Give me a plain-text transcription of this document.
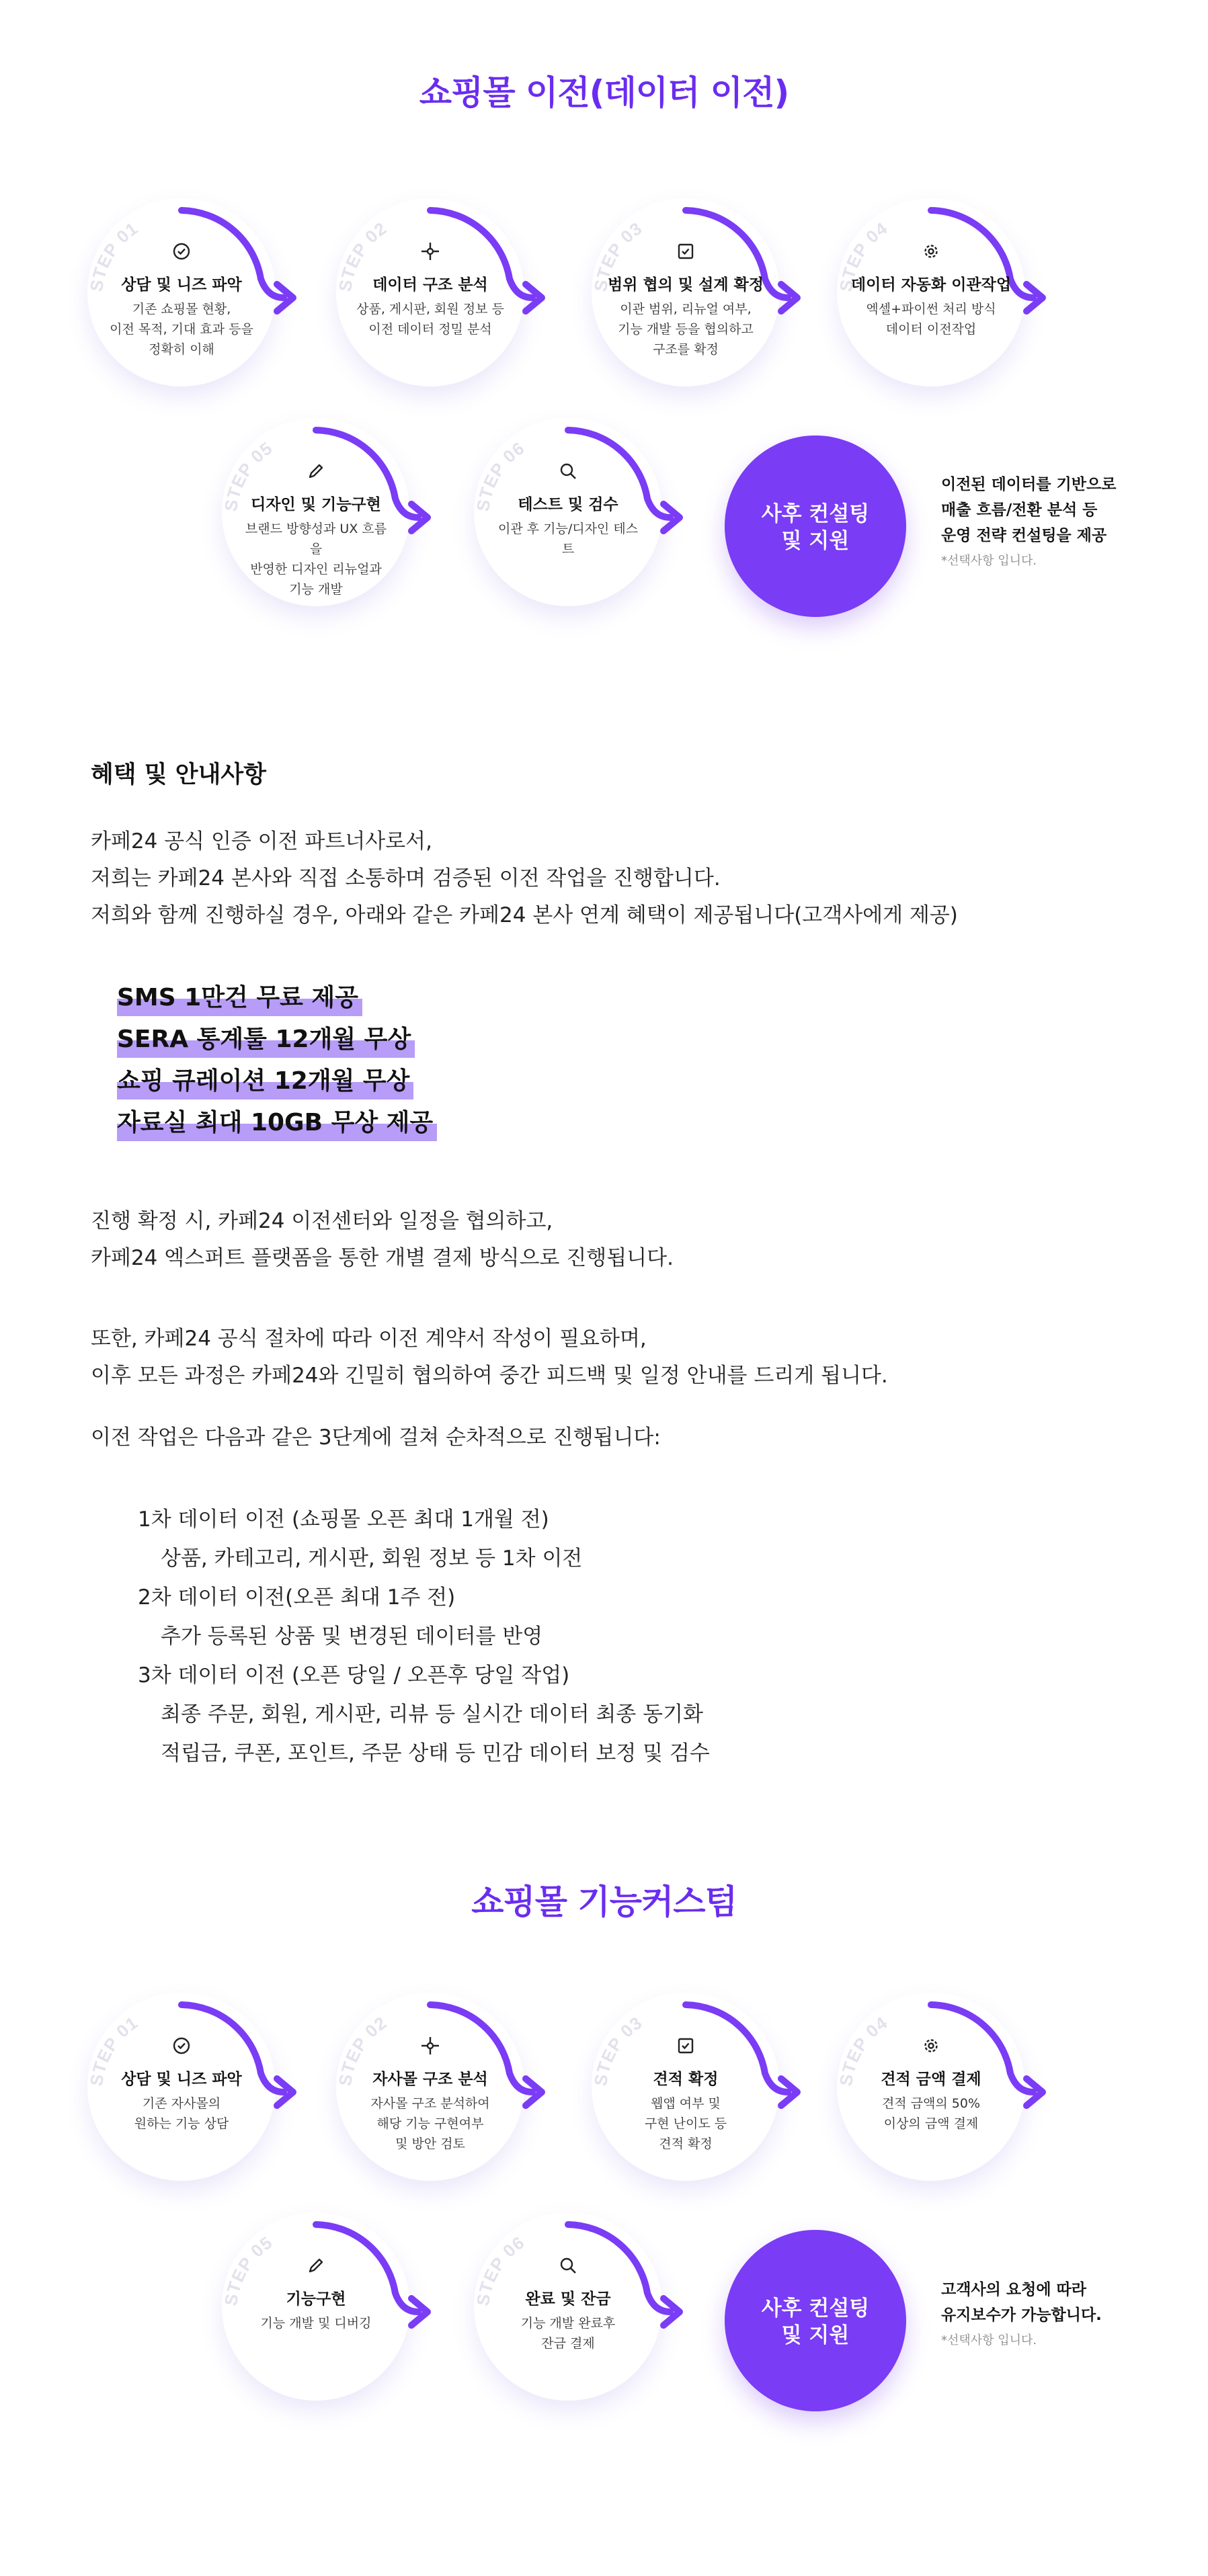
쇼핑몰 이전(데이터 이전)
STEP 01
상담 및 니즈 파악
기존 쇼핑몰 현황,
이전 목적, 기대 효과 등을
정확히 이해
STEP 02
데이터 구조 분석
상품, 게시판, 회원 정보 등
이전 데이터 정밀 분석
STEP 03
범위 협의 및 설계 확정
이관 범위, 리뉴얼 여부,
기능 개발 등을 협의하고
구조를 확정
STEP 04
데이터 자동화 이관작업
엑셀+파이썬 처리 방식
데이터 이전작업
STEP 05
디자인 및 기능구현
브랜드 방향성과 UX 흐름을
반영한 디자인 리뉴얼과
기능 개발
STEP 06
테스트 및 검수
이관 후 기능/디자인 테스트
사후 컨설팅
및 지원
이전된 데이터를 기반으로
매출 흐름/전환 분석 등
운영 전략 컨설팅을 제공
*선택사항 입니다.
혜택 및 안내사항
카페24 공식 인증 이전 파트너사로서,
저희는 카페24 본사와 직접 소통하며 검증된 이전 작업을 진행합니다.
저희와 함께 진행하실 경우, 아래와 같은 카페24 본사 연계 혜택이 제공됩니다(고객사에게 제공)
SMS 1만건 무료 제공
SERA 통계툴 12개월 무상
쇼핑 큐레이션 12개월 무상
자료실 최대 10GB 무상 제공
진행 확정 시, 카페24 이전센터와 일정을 협의하고,
카페24 엑스퍼트 플랫폼을 통한 개별 결제 방식으로 진행됩니다.
또한, 카페24 공식 절차에 따라 이전 계약서 작성이 필요하며,
이후 모든 과정은 카페24와 긴밀히 협의하여 중간 피드백 및 일정 안내를 드리게 됩니다.
이전 작업은 다음과 같은 3단계에 걸쳐 순차적으로 진행됩니다:
1차 데이터 이전 (쇼핑몰 오픈 최대 1개월 전)
상품, 카테고리, 게시판, 회원 정보 등 1차 이전
2차 데이터 이전(오픈 최대 1주 전)
추가 등록된 상품 및 변경된 데이터를 반영
3차 데이터 이전 (오픈 당일 / 오픈후 당일 작업)
최종 주문, 회원, 게시판, 리뷰 등 실시간 데이터 최종 동기화
적립금, 쿠폰, 포인트, 주문 상태 등 민감 데이터 보정 및 검수
쇼핑몰 기능커스텀
STEP 01
상담 및 니즈 파악
기존 자사몰의
원하는 기능 상담
STEP 02
자사몰 구조 분석
자사몰 구조 분석하여
해당 기능 구현여부
및 방안 검토
STEP 03
견적 확정
웹앱 여부 및
구현 난이도 등
견적 확정
STEP 04
견적 금액 결제
견적 금액의 50%
이상의 금액 결제
STEP 05
기능구현
기능 개발 및 디버깅
STEP 06
완료 및 잔금
기능 개발 완료후
잔금 결제
사후 컨설팅
및 지원
고객사의 요청에 따라
유지보수가 가능합니다.
*선택사항 입니다.
